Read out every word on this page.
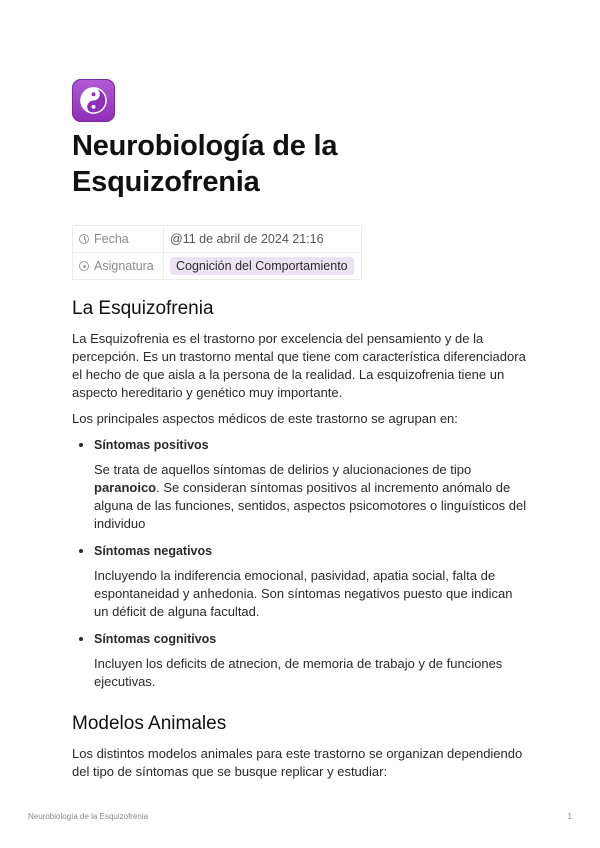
Neurobiología de la Esquizofrenia
Fecha	@11 de abril de 2024 21:16
Asignatura	Cognición del Comportamiento
La Esquizofrenia

La Esquizofrenia es el trastorno por excelencia del pensamiento y de la percepción. Es un trastorno mental que tiene com característica diferenciadora el hecho de que aisla a la persona de la realidad. La esquizofrenia tiene un aspecto hereditario y genético muy importante.

Los principales aspectos médicos de este trastorno se agrupan en:

• Síntomas positivos

Se trata de aquellos síntomas de delirios y alucionaciones de tipo paranoico. Se consideran síntomas positivos al incremento anómalo de alguna de las funciones, sentidos, aspectos psicomotores o linguísticos del individuo

• Síntomas negativos

Incluyendo la indiferencia emocional, pasividad, apatia social, falta de espontaneidad y anhedonia. Son síntomas negativos puesto que indican un déficit de alguna facultad.

• Síntomas cognitivos

Incluyen los deficits de atnecion, de memoria de trabajo y de funciones ejecutivas.

Modelos Animales

Los distintos modelos animales para este trastorno se organizan dependiendo del tipo de síntomas que se busque replicar y estudiar:

Neurobiología de la Esquizofrenia	1
